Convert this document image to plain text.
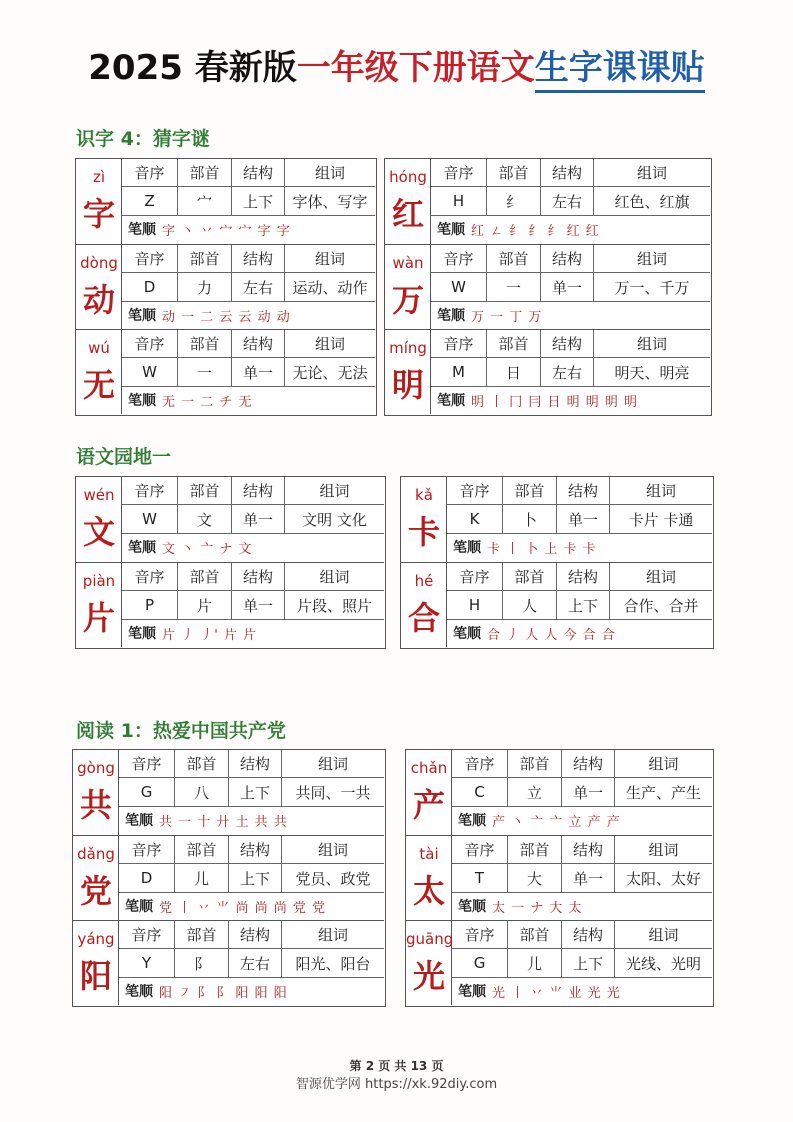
2025 春新版一年级下册语文生字课课贴
识字 4：猜字谜
zì
字
音序	部首	结构	组词
Z	宀	上下	字体、写字
笔顺 字 丶 丷 宀 宀 字 字
dòng
动
音序	部首	结构	组词
D	力	左右	运动、动作
笔顺 动 一 二 云 云 动 动
wú
无
音序	部首	结构	组词
W	一	单一	无论、无法
笔顺 无 一 二 チ 无
hóng
红
音序	部首	结构	组词
H	纟	左右	红色、红旗
笔顺 红 ㄥ 纟 纟 纟 红 红
wàn
万
音序	部首	结构	组词
W	一	单一	万一、千万
笔顺 万 一 丁 万
míng
明
音序	部首	结构	组词
M	日	左右	明天、明亮
笔顺 明 丨 冂 冃 日 明 明 明 明
语文园地一
wén
文
音序	部首	结构	组词
W	文	单一	文明 文化
笔顺 文 丶 亠 ナ 文
piàn
片
音序	部首	结构	组词
P	片	单一	片段、照片
笔顺 片 丿 丿' 片 片
kǎ
卡
音序	部首	结构	组词
K	卜	单一	卡片 卡通
笔顺 卡 丨 卜 上 卡 卡
hé
合
音序	部首	结构	组词
H	人	上下	合作、合并
笔顺 合 丿 人 人 今 合 合
阅读 1：热爱中国共产党
gòng
共
音序	部首	结构	组词
G	八	上下	共同、一共
笔顺 共 一 十 廾 土 共 共
dǎng
党
音序	部首	结构	组词
D	儿	上下	党员、政党
笔顺 党 丨 丷 ⺌ 尚 尚 尚 党 党
yáng
阳
音序	部首	结构	组词
Y	阝	左右	阳光、阳台
笔顺 阳 ㇇ 阝 阝 阳 阳 阳
chǎn
产
音序	部首	结构	组词
C	立	单一	生产、产生
笔顺 产 丶 亠 亠 立 产 产
tài
太
音序	部首	结构	组词
T	大	单一	太阳、太好
笔顺 太 一 ナ 大 太
guāng
光
音序	部首	结构	组词
G	儿	上下	光线、光明
笔顺 光 丨 丷 ⺌ 业 光 光
第 2 页 共 13 页
智源优学网 https://xk.92diy.com
